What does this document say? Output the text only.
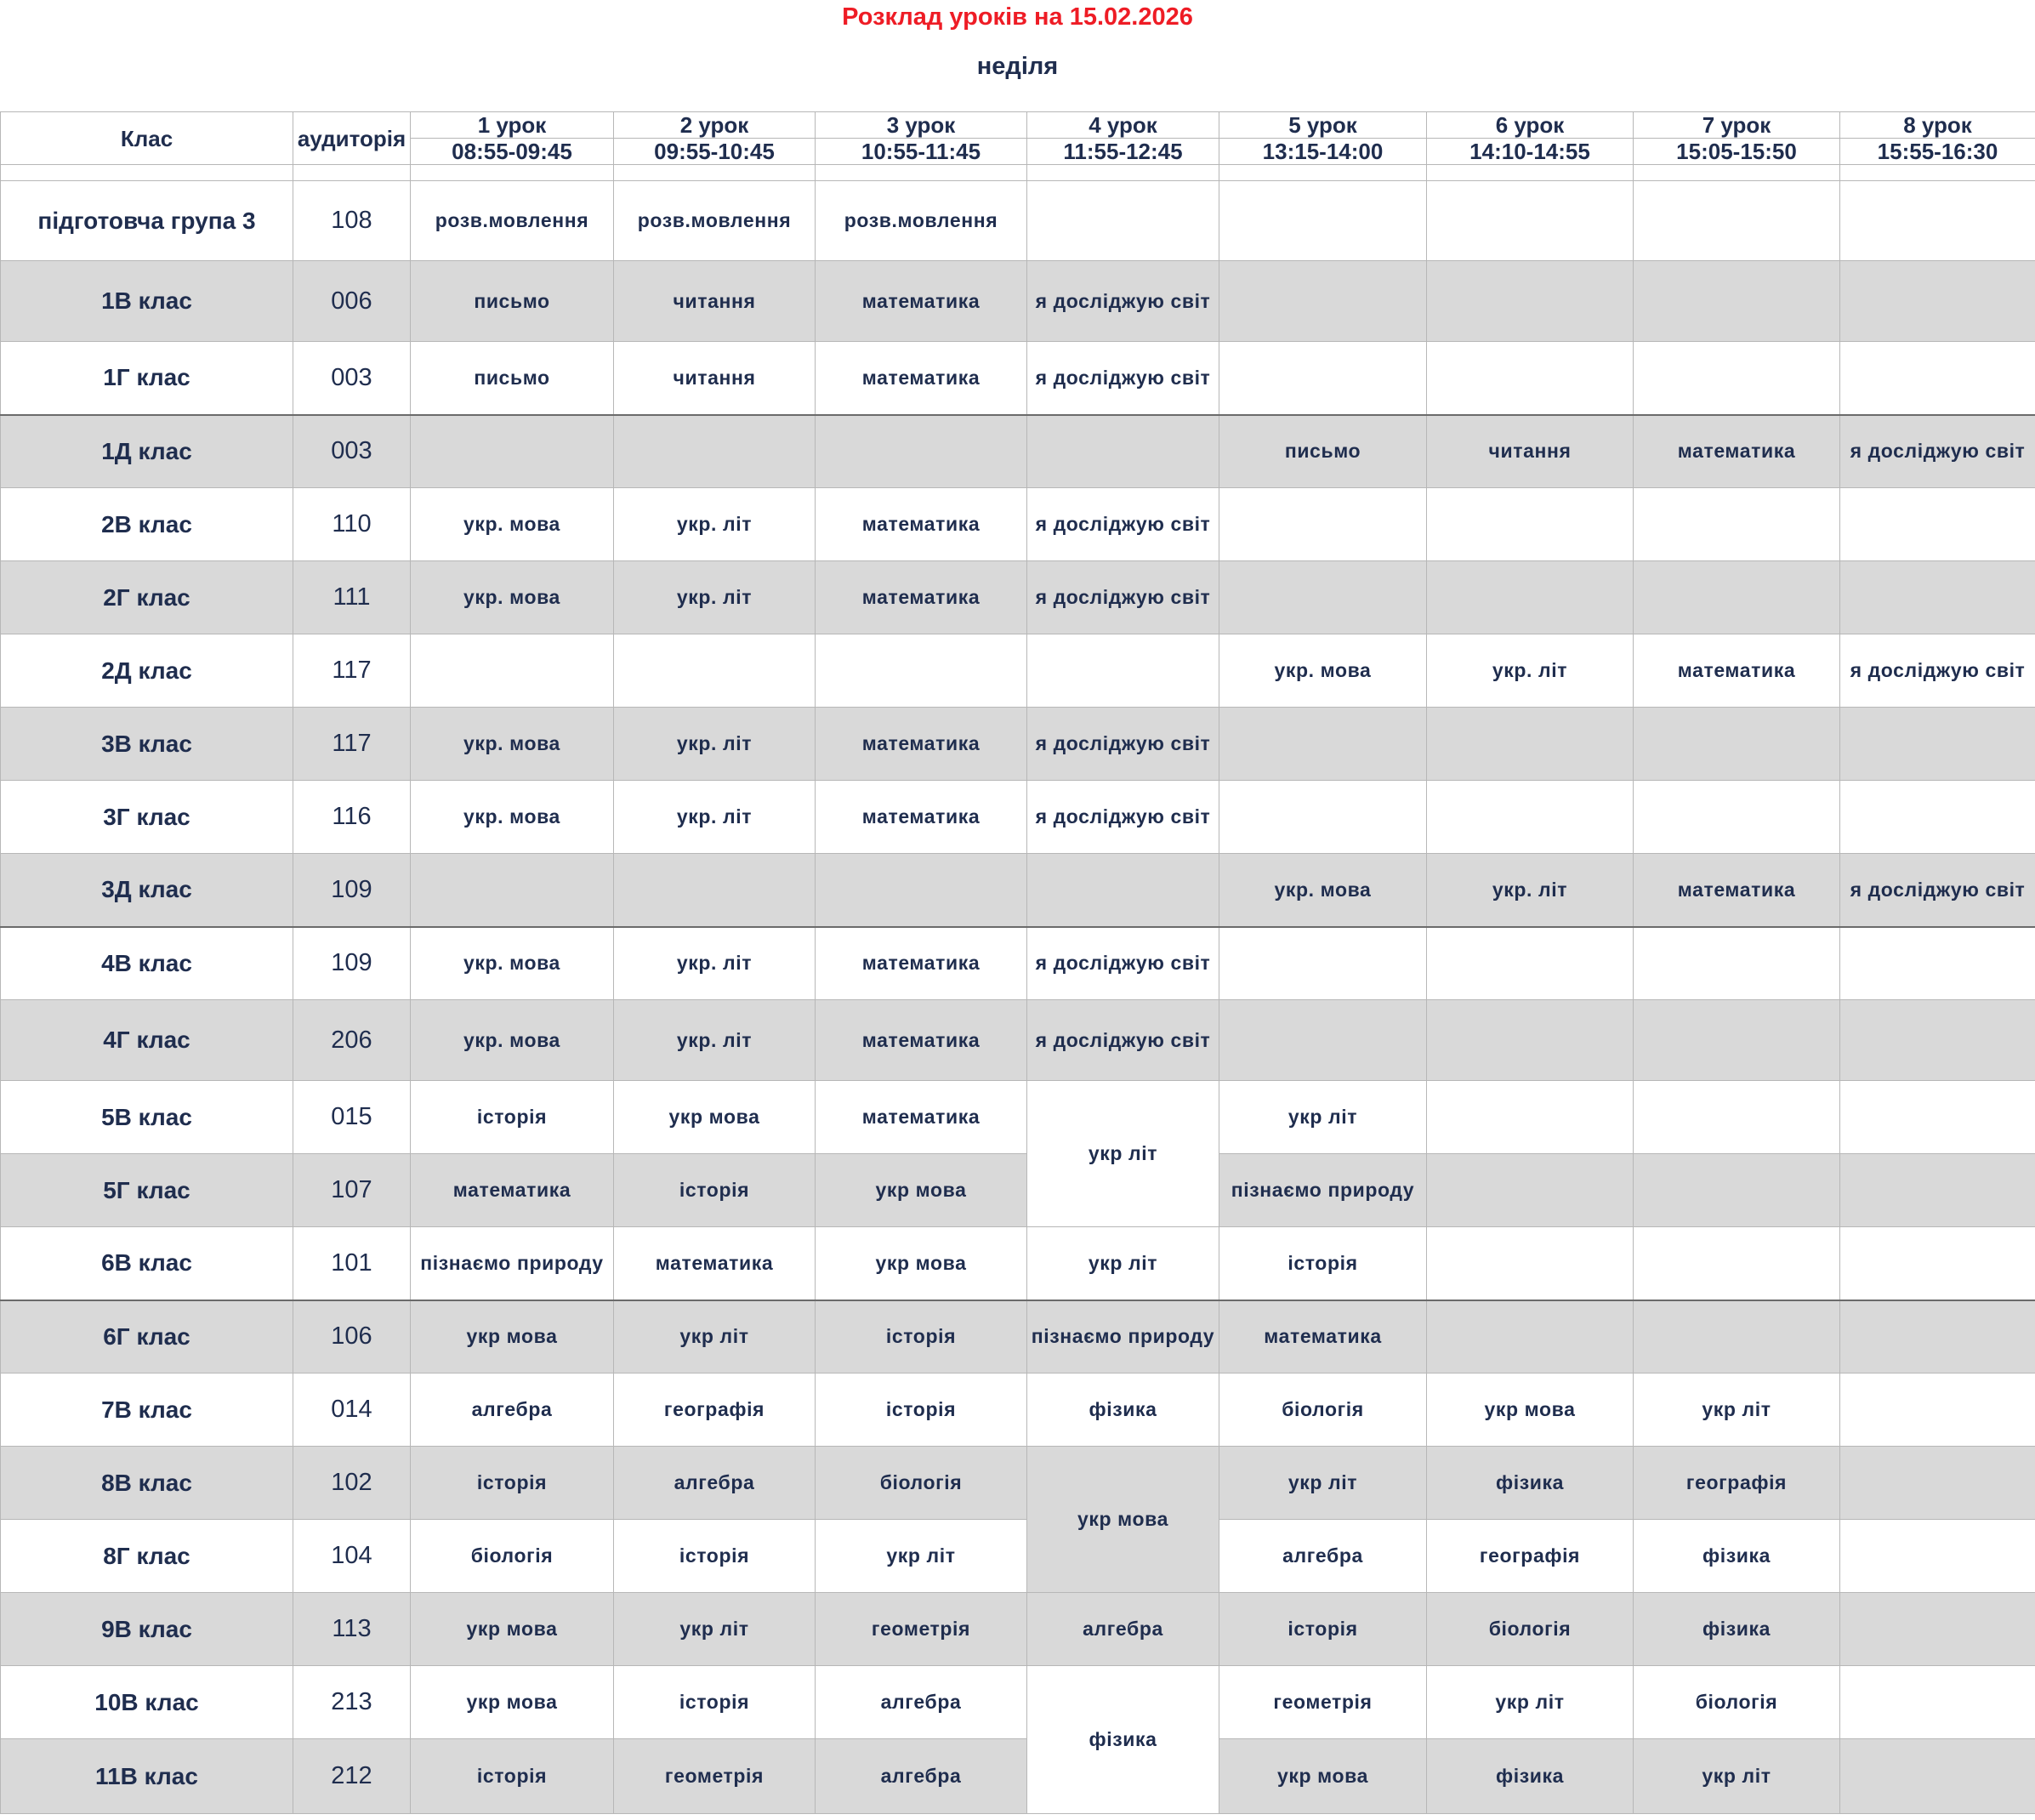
Розклад уроків на 15.02.2026
неділя
Клас	аудиторія	1 урок	2 урок	3 урок	4 урок	5 урок	6 урок	7 урок	8 урок
		08:55-09:45	09:55-10:45	10:55-11:45	11:55-12:45	13:15-14:00	14:10-14:55	15:05-15:50	15:55-16:30

підготовча група 3	108	розв.мовлення	розв.мовлення	розв.мовлення					
1В клас	006	письмо	читання	математика	я досліджую світ				
1Г клас	003	письмо	читання	математика	я досліджую світ				
1Д клас	003					письмо	читання	математика	я досліджую світ
2В клас	110	укр. мова	укр. літ	математика	я досліджую світ				
2Г клас	111	укр. мова	укр. літ	математика	я досліджую світ				
2Д клас	117					укр. мова	укр. літ	математика	я досліджую світ
3В клас	117	укр. мова	укр. літ	математика	я досліджую світ				
3Г клас	116	укр. мова	укр. літ	математика	я досліджую світ				
3Д клас	109					укр. мова	укр. літ	математика	я досліджую світ
4В клас	109	укр. мова	укр. літ	математика	я досліджую світ				
4Г клас	206	укр. мова	укр. літ	математика	я досліджую світ				
5В клас	015	історія	укр мова	математика	укр літ	укр літ			
5Г клас	107	математика	історія	укр мова		пізнаємо природу			
6В клас	101	пізнаємо природу	математика	укр мова	укр літ	історія			
6Г клас	106	укр мова	укр літ	історія	пізнаємо природу	математика			
7В клас	014	алгебра	географія	історія	фізика	біологія	укр мова	укр літ	
8В клас	102	історія	алгебра	біологія	укр мова	укр літ	фізика	географія	
8Г клас	104	біологія	історія	укр літ		алгебра	географія	фізика	
9В клас	113	укр мова	укр літ	геометрія	алгебра	історія	біологія	фізика	
10В клас	213	укр мова	історія	алгебра	фізика	геометрія	укр літ	біологія	
11В клас	212	історія	геометрія	алгебра		укр мова	фізика	укр літ	
